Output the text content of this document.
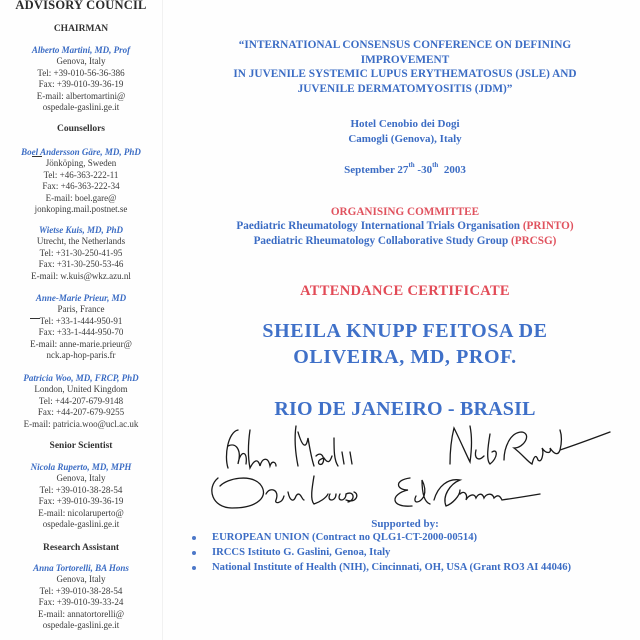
ADVISORY COUNCIL
CHAIRMAN
Alberto Martini, MD, Prof
Genova, Italy
Tel: +39-010-56-36-386
Fax: +39-010-39-36-19
E-mail: albertomartini@
ospedale-gaslini.ge.it
Counsellors
Boel Andersson Gäre, MD, PhD
Jönköping, Sweden
Tel: +46-363-222-11
Fax: +46-363-222-34
E-mail: boel.gare@
jonkoping.mail.postnet.se
Wietse Kuis, MD, PhD
Utrecht, the Netherlands
Tel: +31-30-250-41-95
Fax: +31-30-250-53-46
E-mail: w.kuis@wkz.azu.nl
Anne-Marie Prieur, MD
Paris, France
Tel: +33-1-444-950-91
Fax: +33-1-444-950-70
E-mail: anne-marie.prieur@
nck.ap-hop-paris.fr
Patricia Woo, MD, FRCP, PhD
London, United Kingdom
Tel: +44-207-679-9148
Fax: +44-207-679-9255
E-mail: patricia.woo@ucl.ac.uk
Senior Scientist
Nicola Ruperto, MD, MPH
Genova, Italy
Tel: +39-010-38-28-54
Fax: +39-010-39-36-19
E-mail: nicolaruperto@
ospedale-gaslini.ge.it
Research Assistant
Anna Tortorelli, BA Hons
Genova, Italy
Tel: +39-010-38-28-54
Fax: +39-010-39-33-24
E-mail: annatortorelli@
ospedale-gaslini.ge.it
“INTERNATIONAL CONSENSUS CONFERENCE ON DEFINING
IMPROVEMENT
IN JUVENILE SYSTEMIC LUPUS ERYTHEMATOSUS (JSLE) AND
JUVENILE DERMATOMYOSITIS (JDM)”
Hotel Cenobio dei Dogi
Camogli (Genova), Italy
September 27th -30th  2003
ORGANISING COMMITTEE
Paediatric Rheumatology International Trials Organisation (PRINTO)
Paediatric Rheumatology Collaborative Study Group (PRCSG)
ATTENDANCE CERTIFICATE
SHEILA KNUPP FEITOSA DE
OLIVEIRA, MD, PROF.
RIO DE JANEIRO - BRASIL
Supported by:
EUROPEAN UNION (Contract no QLG1-CT-2000-00514)
IRCCS Istituto G. Gaslini, Genoa, Italy
National Institute of Health (NIH), Cincinnati, OH, USA (Grant RO3 AI 44046)
